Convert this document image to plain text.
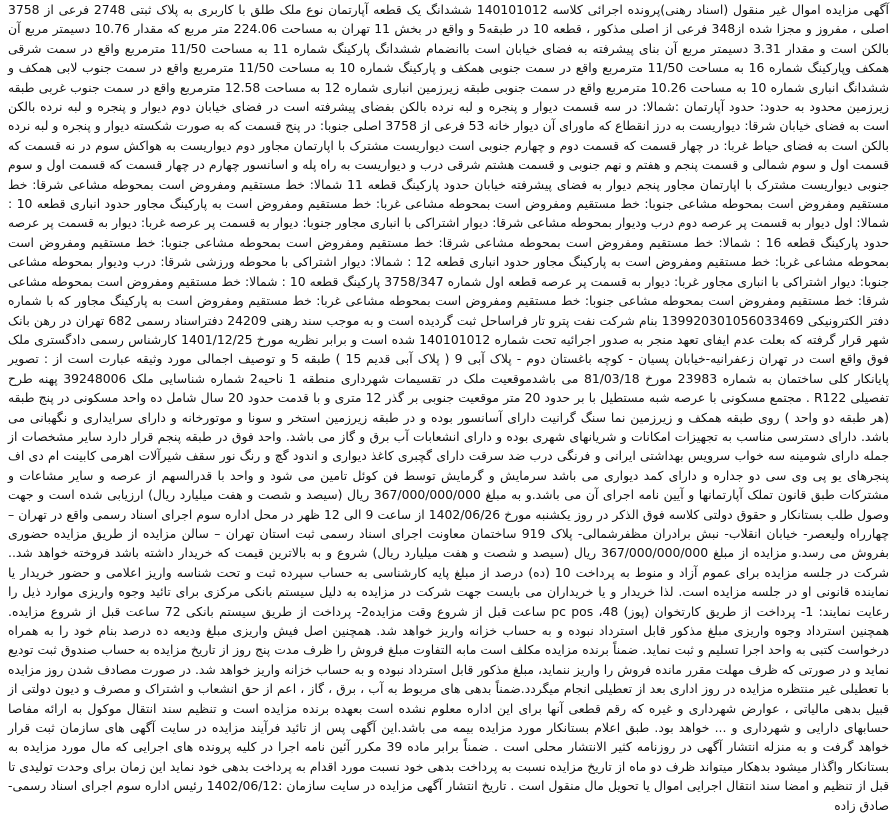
آگهی مزایده اموال غیر منقول (اسناد رهنی)پرونده اجرائی کلاسه 140101012 ششدانگ یک قطعه آپارتمان نوع ملک طلق با کاربری به پلاک ثبتی 2748 فرعی از 3758 اصلی ، مفروز و مجزا شده از348 فرعی از اصلی مذکور ، قطعه 10 در طبقه5 و واقع در بخش 11 تهران به مساحت 224.06 متر مربع که مقدار 10.76 دسیمتر مربع آن بالکن است و مقدار 3.31 دسیمتر مربع آن بنای پیشرفته به فضای خیابان است باانضمام ششدانگ پارکینگ شماره 11 به مساحت 11/50 مترمربع واقع در سمت شرقی همکف وپارکینگ شماره 16 به مساحت 11/50 مترمربع واقع در سمت جنوبی همکف و پارکینگ شماره 10 به مساحت 11/50 مترمربع واقع در سمت جنوب لابی همکف و ششدانگ انباری شماره 10 به مساحت 10.26 مترمربع واقع در سمت جنوبی طبقه زیرزمین انباری شماره 12 به مساحت 12.58 مترمربع واقع در سمت جنوب غربی طبقه زیرزمین محدود به حدود: حدود آپارتمان :شمالا: در سه قسمت دیوار و پنجره و لبه نرده بالکن بفضای پیشرفته است در فضای خیابان دوم دیوار و پنجره و لبه نرده بالکن است به فضای خیابان شرقا: دیواریست به درز انقطاع که ماورای آن دیوار خانه 53 فرعی از 3758 اصلی جنوبا: در پنج قسمت که به صورت شکسته دیوار و پنجره و لبه نرده بالکن است به فضای حیاط غربا: در چهار قسمت که قسمت دوم و چهارم جنوبی است دیواریست مشترک با اپارتمان مجاور دوم دیواریست به هواکش سوم در نه قسمت که قسمت اول و سوم شمالی و قسمت پنجم و هفتم و نهم جنوبی و قسمت هشتم شرقی درب و دیواریست به راه پله و اسانسور چهارم در چهار قسمت که قسمت اول و سوم جنوبی دیواریست مشترک با اپارتمان مجاور پنجم دیوار به فضای پیشرفته خیابان حدود پارکینگ قطعه 11 شمالا: خط مستقیم ومفروض است بمحوطه مشاعی شرقا: خط مستقیم ومفروض است بمحوطه مشاعی جنوبا: خط مستقیم ومفروض است بمحوطه مشاعی غربا: خط مستقیم ومفروض است به پارکینگ مجاور حدود انباری قطعه 10 : شمالا: اول دیوار به قسمت پر عرصه دوم درب ودیوار بمحوطه مشاعی شرقا: دیوار اشتراکی با انباری مجاور جنوبا: دیوار به قسمت پر عرصه غربا: دیوار به قسمت پر عرصه حدود پارکینگ قطعه 16 : شمالا: خط مستقیم ومفروض است بمحوطه مشاعی شرقا: خط مستقیم ومفروض است بمحوطه مشاعی جنوبا: خط مستقیم ومفروض است بمحوطه مشاعی غربا: خط مستقیم ومفروض است به پارکینگ مجاور حدود انباری قطعه 12 : شمالا: دیوار اشتراکی با محوطه ورزشی شرقا: درب ودیوار بمحوطه مشاعی جنوبا: دیوار اشتراکی با انباری مجاور غربا: دیوار به قسمت پر عرصه قطعه اول شماره 3758/347 پارکینگ قطعه 10 : شمالا: خط مستقیم ومفروض است بمحوطه مشاعی شرقا: خط مستقیم ومفروض است بمحوطه مشاعی جنوبا: خط مستقیم ومفروض است بمحوطه مشاعی غربا: خط مستقیم ومفروض است به پارکینگ مجاور که با شماره دفتر الکترونیکی 139920301056033469 بنام شرکت نفت پترو تار فراساحل ثبت گردیده است و به موجب سند رهنی 24209 دفتراسناد رسمی 682 تهران در رهن بانک شهر قرار گرفته که بعلت عدم ایفای تعهد منجر به صدور اجرائیه تحت شماره 140101012 شده است و برابر نظریه مورخ 1401/12/25 کارشناس رسمی دادگستری ملک فوق واقع است در تهران زعفرانیه-خیابان پسیان - کوچه باغستان دوم - پلاک آبی 9 ( پلاک آبی قدیم 15 ) طبقه 5 و توصیف اجمالی مورد وثیقه عبارت است از : تصویر پایانکار کلی ساختمان به شماره 23983 مورخ 81/03/18 می باشدموقعیت ملک در تقسیمات شهرداری منطقه 1 ناحیه2 شماره شناسایی ملک 39248006 پهنه طرح تفصیلی R122 . مجتمع مسکونی با عرصه شبه مستطیل با بر حدود 20 متر موقعیت جنوبی بر گذر 12 متری و با قدمت حدود 20 سال شامل ده واحد مسکونی در پنج طبقه (هر طبقه دو واحد ) روی طبقه همکف و زیرزمین نما سنگ گرانیت دارای آسانسور بوده و در طبقه زیرزمین استخر و سونا و موتورخانه و دارای سرایداری و نگهبانی می باشد. دارای دسترسی مناسب به تجهیزات امکانات و شریانهای شهری بوده و دارای انشعابات آب برق و گاز می باشد. واحد فوق در طبقه پنجم قرار دارد سایر مشخصات از جمله دارای شومینه سه خواب سرویس بهداشتی ایرانی و فرنگی درب ضد سرقت دارای گچبری کاغذ دیواری و اندود گچ و رنگ نور سقف شیرآلات اهرمی کابینت ام دی اف پنجرهای یو پی وی سی دو جداره و دارای کمد دیواری می باشد سرمایش و گرمایش توسط فن کوئل تامین می شود و واحد با قدرالسهم از عرصه و سایر مشاعات و مشترکات طبق قانون تملک آپارتمانها و آیین نامه اجرای آن می باشد.و به مبلغ 367/000/000/000 ریال (سیصد و شصت و هفت میلیارد ریال) ارزیابی شده است و جهت وصول طلب بستانکار و حقوق دولتی کلاسه فوق الذکر در روز یکشنبه مورخ 1402/06/26 از ساعت 9 الی 12 ظهر در محل اداره سوم اجرای اسناد رسمی واقع در تهران – چهارراه ولیعصر- خیابان انقلاب- نبش برادران مظفرشمالی- پلاک 919 ساختمان معاونت اجرای اسناد رسمی ثبت استان تهران – سالن مزایده از طریق مزایده حضوری بفروش می رسد.و مزایده از مبلغ 367/000/000/000 ریال (سیصد و شصت و هفت میلیارد ریال) شروع و به بالاترین قیمت که خریدار داشته باشد فروخته خواهد شد.. شرکت در جلسه مزایده برای عموم آزاد و منوط به پرداخت 10 (ده) درصد از مبلغ پایه کارشناسی به حساب سپرده ثبت و تحت شناسه واریز اعلامی و حضور خریدار یا نماینده قانونی او در جلسه مزایده است. لذا خریدار و یا خریداران می بایست جهت شرکت در مزایده به دلیل سیستم بانکی مرکزی برای تائید وجوه واریزی موارد ذیل را رعایت نمایند: 1- پرداخت از طریق کارتخوان (پوز) pc pos ،48 ساعت قبل از شروع وقت مزایده2- پرداخت از طریق سیستم بانکی 72 ساعت قبل از شروع مزایده. همچنین استرداد وجوه واریزی مبلغ مذکور قابل استرداد نبوده و به حساب خزانه واریز خواهد شد. همچنین اصل فیش واریزی مبلغ ودیعه ده درصد بنام خود را به همراه درخواست کتبی به واحد اجرا تسلیم و ثبت نماید. ضمناً برنده مزایده مکلف است مابه التفاوت مبلغ فروش را ظرف مدت پنج روز از تاریخ مزایده به حساب صندوق ثبت تودیع نماید و در صورتی که ظرف مهلت مقرر مانده فروش را واریز ننماید، مبلغ مذکور قابل استرداد نبوده و به حساب خزانه واریز خواهد شد. در صورت مصادف شدن روز مزایده با تعطیلی غیر منتظره مزایده در روز اداری بعد از تعطیلی انجام میگردد.ضمناً بدهی های مربوط به آب ، برق ، گاز ، اعم از حق انشعاب و اشتراک و مصرف و دیون دولتی از قبیل بدهی مالیاتی ، عوارض شهرداری و غیره که رقم قطعی آنها برای این اداره معلوم نشده است بعهده برنده مزایده است و تنظیم سند انتقال موکول به ارائه مفاصا حسابهای دارایی و شهرداری و ... خواهد بود. طبق اعلام بستانکار مورد مزایده بیمه می باشد.این آگهی پس از تائید فرآیند مزایده در سایت آگهی های سازمان ثبت قرار خواهد گرفت و به منزله انتشار آگهی در روزنامه کثیر الانتشار محلی است . ضمناً برابر ماده 39 مکرر آئین نامه اجرا در کلیه پرونده های اجرایی که مال مورد مزایده به بستانکار واگذار میشود بدهکار میتواند ظرف دو ماه از تاریخ مزایده نسبت به پرداخت بدهی خود نسبت مورد اقدام به پرداخت بدهی خود نماید این زمان برای وحدت تولیدی تا قبل از تنظیم و امضا سند انتقال اجرایی اموال یا تحویل مال منقول است . تاریخ انتشار آگهی مزایده در سایت سازمان :1402/06/12 رئیس اداره سوم اجرای اسناد رسمی- صادق زاده
